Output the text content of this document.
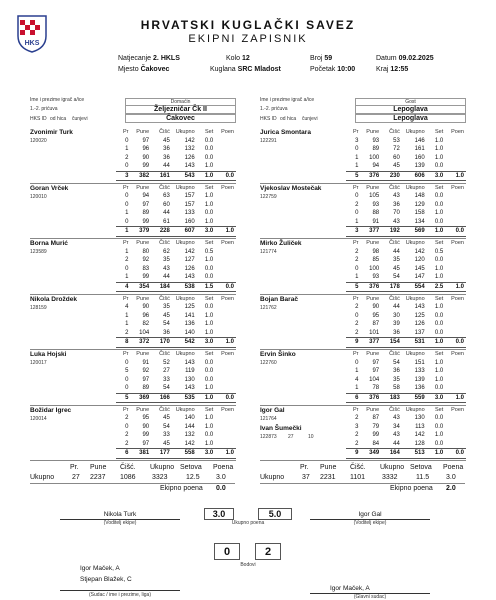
HKS
HRVATSKI KUGLAČKI SAVEZ
EKIPNI ZAPISNIK
Natjecanje 2. HKLS	Kolo 12	Broj 59	Datum 09.02.2025
Mjesto Čakovec	Kuglana SRC Mladost	Početak 10:00	Kraj 12:55
Ime i prezime igrač a/ice	Domaćin
1.-2. prićuva	Željezničar Čk II
HKS ID od hica čunjevi	Čakovec
Ime i prezime igrač a/ice	Gost
1.-2. prićuva	Lepoglava
HKS ID od hica čunjevi	Lepoglava
Zvonimir Turk
120020
Pr	Pune	Čišć	Ukupno	Set	Poen
0	97	45	142	0.0	
1	96	36	132	0.0	
2	90	36	126	0.0	
0	99	44	143	1.0	
3	382	161	543	1.0	0.0
Goran Vrček
120010
Pr	Pune	Čišć	Ukupno	Set	Poen
0	94	63	157	1.0	
0	97	60	157	1.0	
1	89	44	133	0.0	
0	99	61	160	1.0	
1	379	228	607	3.0	1.0
Borna Murić
123589
Pr	Pune	Čišć	Ukupno	Set	Poen
1	80	62	142	0.5	
2	92	35	127	1.0	
0	83	43	126	0.0	
1	99	44	143	0.0	
4	354	184	538	1.5	0.0
Nikola Droždek
128159
Pr	Pune	Čišć	Ukupno	Set	Poen
4	90	35	125	0.0	
1	96	45	141	1.0	
1	82	54	136	1.0	
2	104	36	140	1.0	
8	372	170	542	3.0	1.0
Luka Hojski
120017
Pr	Pune	Čišć	Ukupno	Set	Poen
0	91	52	143	0.0	
5	92	27	119	0.0	
0	97	33	130	0.0	
0	89	54	143	1.0	
5	369	166	535	1.0	0.0
Božidar Igrec
120014
Pr	Pune	Čišć	Ukupno	Set	Poen
2	95	45	140	1.0	
0	90	54	144	1.0	
2	99	33	132	0.0	
2	97	45	142	1.0	
6	381	177	558	3.0	1.0
Jurica Smontara
122291
Pr	Pune	Čišć	Ukupno	Set	Poen
3	93	53	146	1.0	
0	89	72	161	1.0	
1	100	60	160	1.0	
1	94	45	139	0.0	
5	376	230	606	3.0	1.0
Vjekoslav Mostečak
122759
Pr	Pune	Čišć	Ukupno	Set	Poen
0	105	43	148	0.0	
2	93	36	129	0.0	
0	88	70	158	1.0	
1	91	43	134	0.0	
3	377	192	569	1.0	0.0
Mirko Žuliček
121774
Pr	Pune	Čišć	Ukupno	Set	Poen
2	98	44	142	0.5	
2	85	35	120	0.0	
0	100	45	145	1.0	
1	93	54	147	1.0	
5	376	178	554	2.5	1.0
Bojan Barač
121762
Pr	Pune	Čišć	Ukupno	Set	Poen
2	90	44	143	1.0	
0	95	30	125	0.0	
2	87	39	126	0.0	
2	101	36	137	0.0	
9	377	154	531	1.0	0.0
Ervin Šinko
122760
Pr	Pune	Čišć	Ukupno	Set	Poen
0	97	54	151	1.0	
1	97	36	133	1.0	
4	104	35	139	1.0	
1	78	58	136	0.0	
6	376	183	559	3.0	1.0
Igor Gal
121764
Ivan Šumečki
122873 27	10
Pr	Pune	Čišć	Ukupno	Set	Poen
2	87	43	130	0.0	
3	79	34	113	0.0	
2	99	43	142	1.0	
2	84	44	128	0.0	
9	349	164	513	1.0	0.0
Pr. Pune Čišć. Ukupno Setova Poena
Ukupno	27 2237 1086 3323	12.5 3.0
Ekipno poena 0.0
Pr. Pune Čišć. Ukupno Setova Poena
Ukupno	37 2231 1101 3332	11.5 3.0
Ekipno poena 2.0
Nikola Turk
(Voditelj ekipe)
3.0	5.0
Ukupno poena
Igor Gal
(Voditelj ekipe)
0	2
Bodovi
Igor Maček, A
Stjepan Blažek, C
(Sudac / ime i prezime, liga)
Igor Maček, A
(Glavni sudac)
